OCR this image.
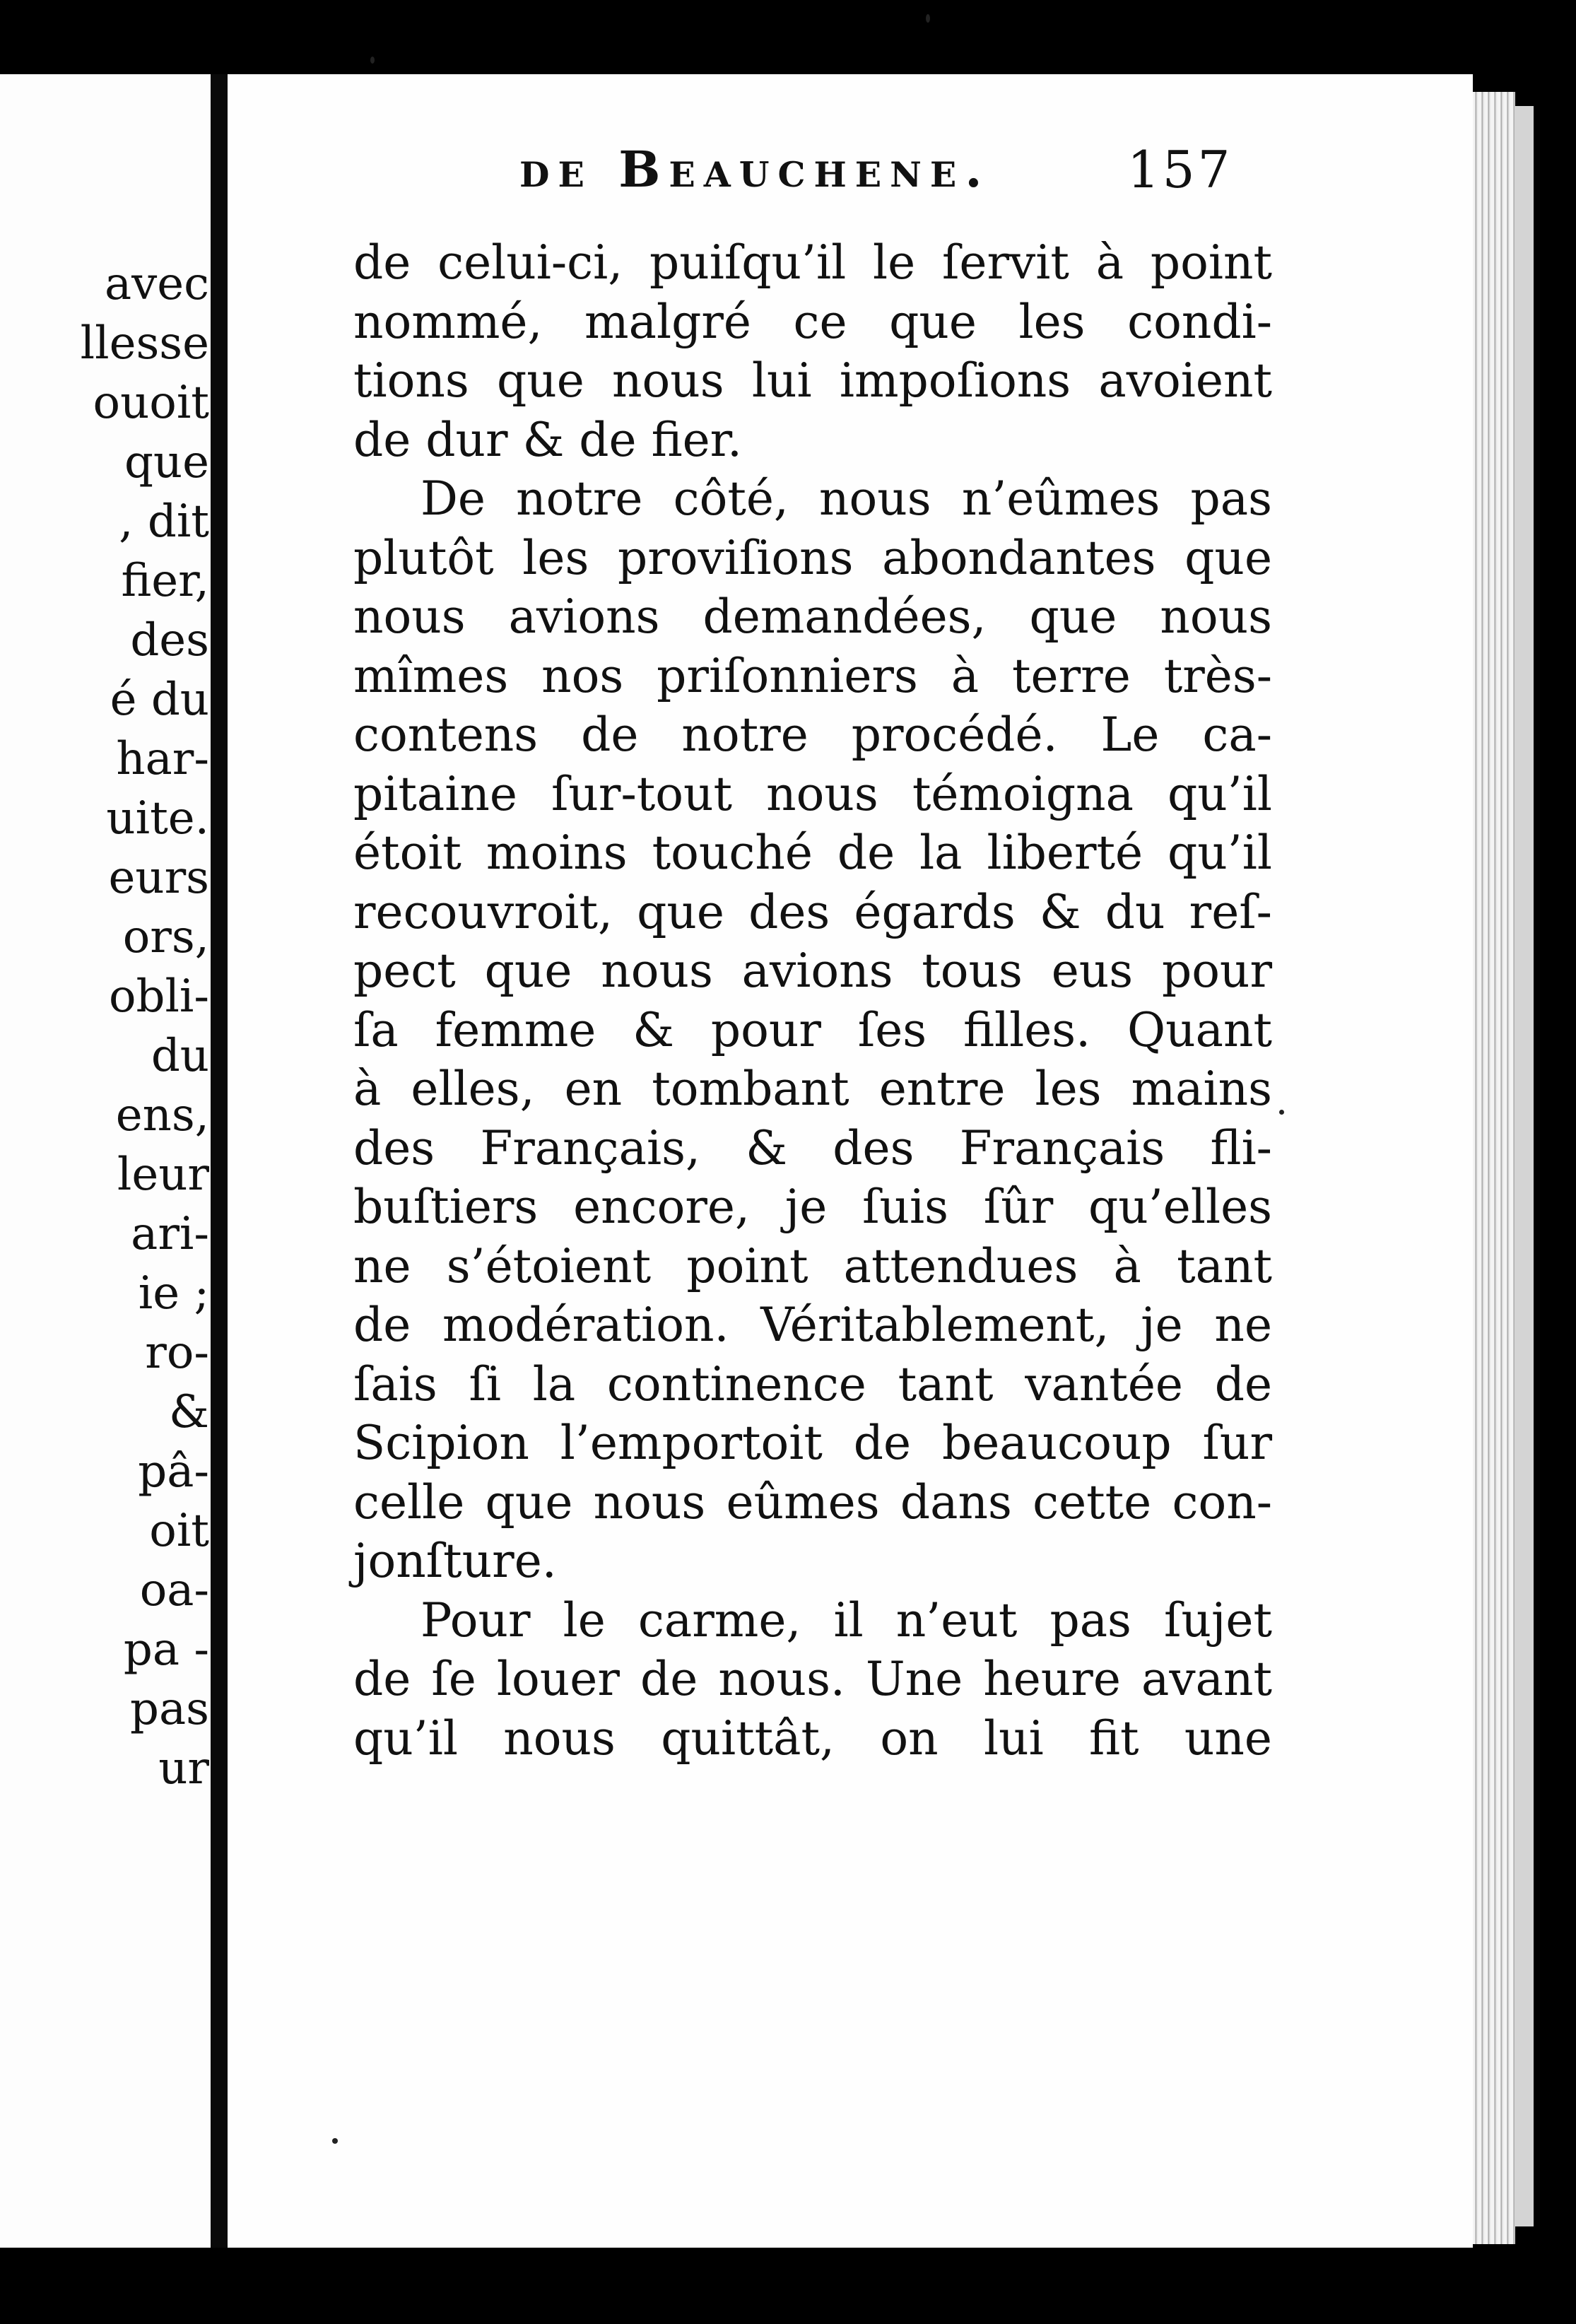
avec
llesse
ouoit
que
, dit
fier,
des
é du
har-
uite.
eurs
ors,
obli-
du
ens,
leur
ari-
ie ;
ro-
&
pâ-
oit
oa-
pa -
pas
ur
de Beauchene.	157
de celui-ci, puiſqu’il le ſervit à point
nommé, malgré ce que les condi-
tions que nous lui impoſions avoient
de dur & de fier.
De notre côté, nous n’eûmes pas
plutôt les proviſions abondantes que
nous avions demandées, que nous
mîmes nos priſonniers à terre très-
contens de notre procédé. Le ca-
pitaine ſur-tout nous témoigna qu’il
étoit moins touché de la liberté qu’il
recouvroit, que des égards & du reſ-
pect que nous avions tous eus pour
ſa femme & pour ſes filles. Quant
à elles, en tombant entre les mains
des Français, & des Français fli-
buſtiers encore, je ſuis ſûr qu’elles
ne s’étoient point attendues à tant
de modération. Véritablement, je ne
ſais ſi la continence tant vantée de
Scipion l’emportoit de beaucoup ſur
celle que nous eûmes dans cette con-
jonſture.
Pour le carme, il n’eut pas ſujet
de ſe louer de nous. Une heure avant
qu’il nous quittât, on lui fit une
